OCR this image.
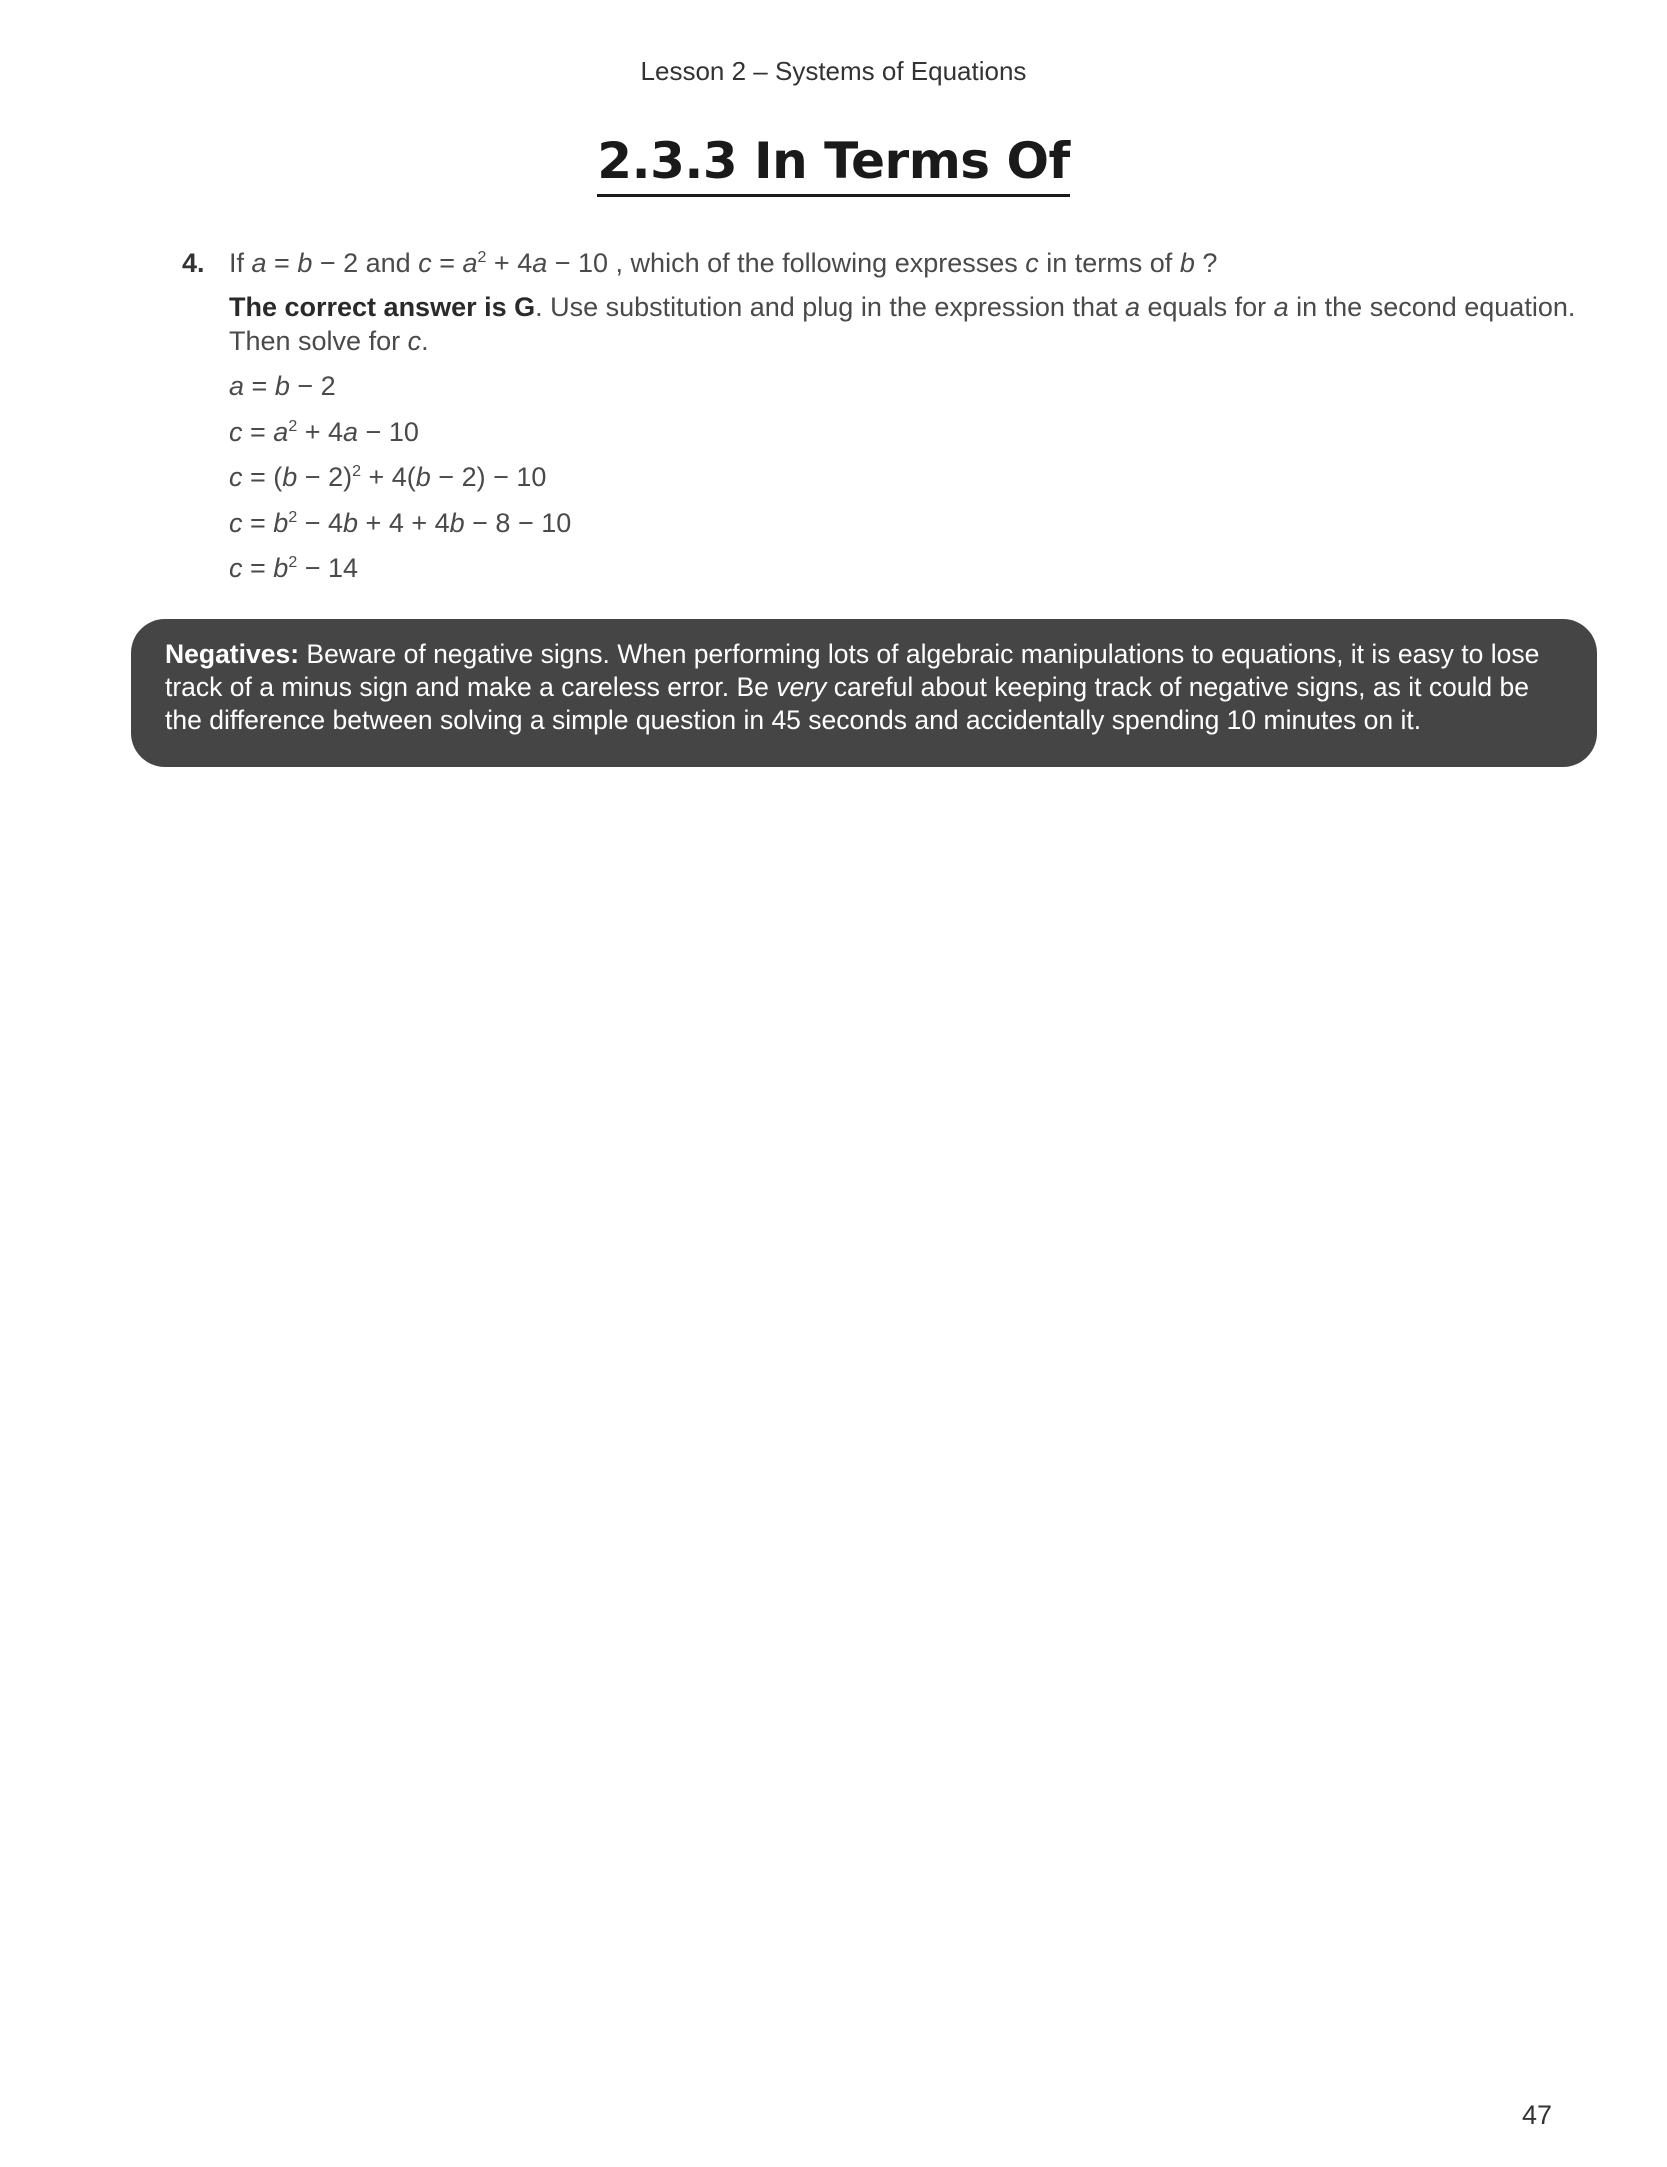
Lesson 2 – Systems of Equations
2.3.3 In Terms Of
4. If a = b − 2 and $c = a^2 + 4a - 10$ , which of the following expresses c in terms of b ?
The correct answer is G. Use substitution and plug in the expression that a equals for a in the second equation. Then solve for c.
a = b − 2
$c = a^2 + 4a - 10$
$c = (b - 2)^2 + 4(b - 2) - 10$
$c = b^2 - 4b + 4 + 4b - 8 - 10$
$c = b^2 - 14$
Negatives: Beware of negative signs. When performing lots of algebraic manipulations to equations, it is easy to lose track of a minus sign and make a careless error. Be very careful about keeping track of negative signs, as it could be the difference between solving a simple question in 45 seconds and accidentally spending 10 minutes on it.
47
